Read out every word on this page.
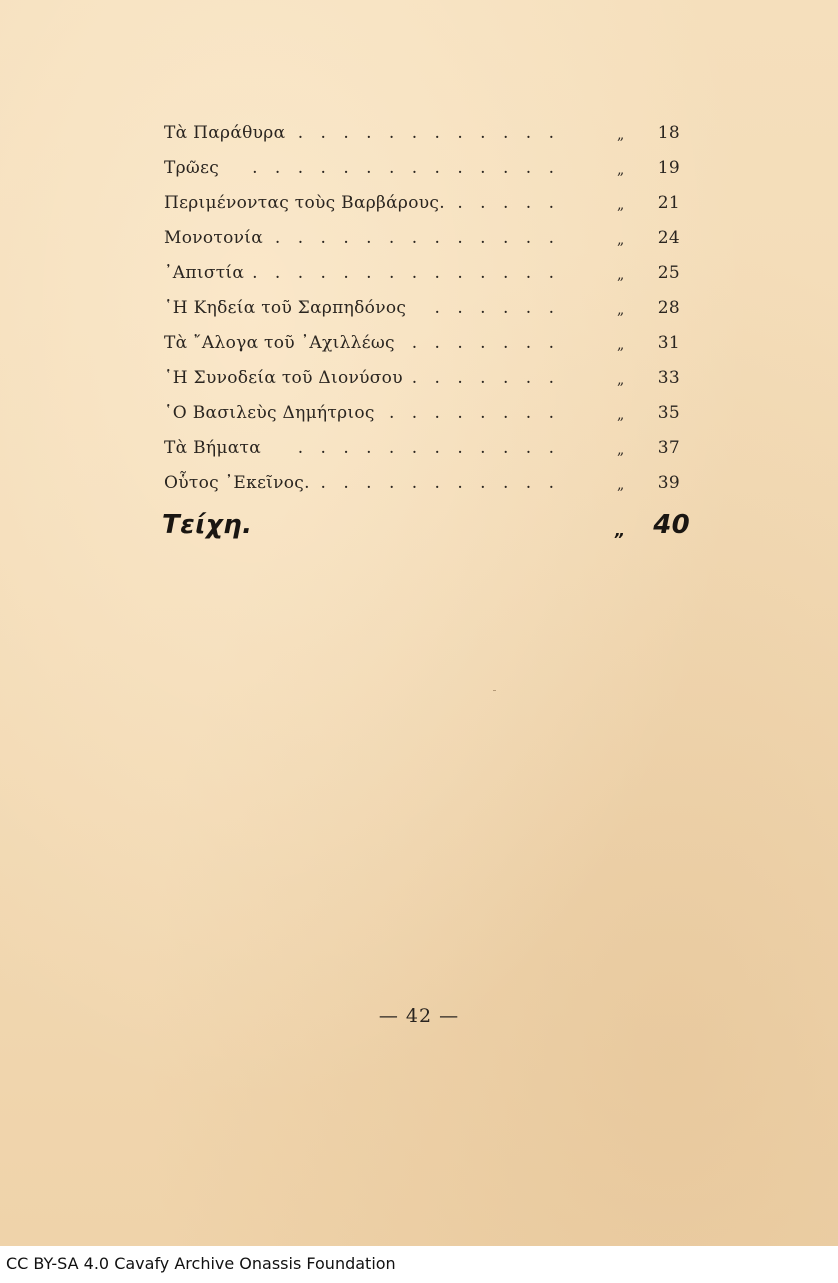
Τὰ Παράθυρα . . . . . . . . . . . .	„ 18
Τρῶες . . . . . . . . . . . . . .	„ 19
Περιμένοντας τοὺς Βαρβάρους. . . . . .	„ 21
Μονοτονία . . . . . . . . . . . . .	„ 24
᾿Απιστία . . . . . . . . . . . . . .	„ 25
῾Η Κηδεία τοῦ Σαρπηδόνος . . . . . .	„ 28
Τὰ ῎Αλογα τοῦ ᾿Αχιλλέως . . . . . . .	„ 31
῾Η Συνοδεία τοῦ Διονύσου . . . . . . .	„ 33
῾Ο Βασιλεὺς Δημήτριος . . . . . . . .	„ 35
Τὰ Βήματα . . . . . . . . . . . .	„ 37
Οὗτος ᾿Εκεῖνος. . . . . . . . . . . .	„ 39
Τείχη.	„ 40
— 42 —
CC BY-SA 4.0 Cavafy Archive Onassis Foundation
